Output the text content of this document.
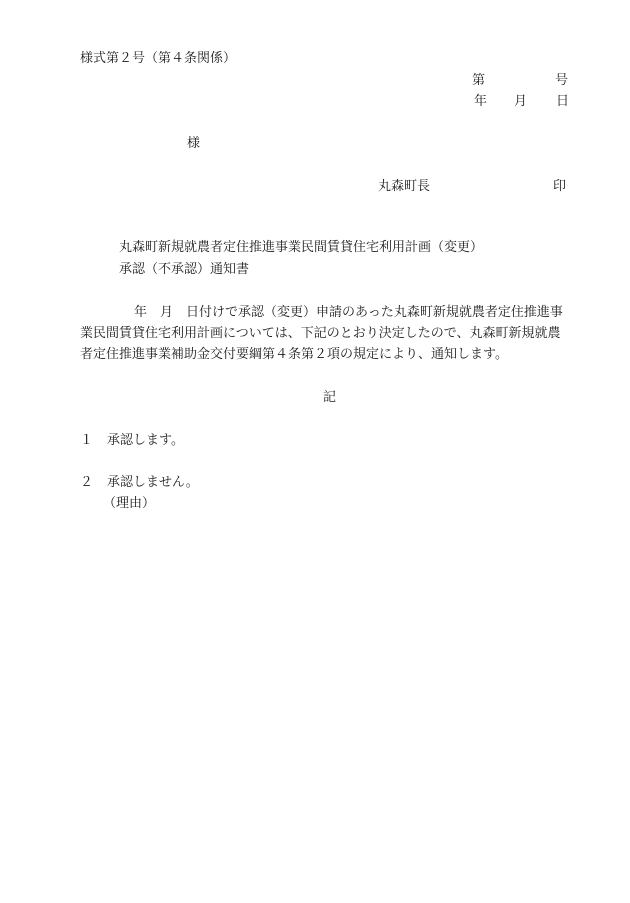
様式第２号（第４条関係）
第	号
年 月 日
様
丸森町長	印
丸森町新規就農者定住推進事業民間賃貸住宅利用計画（変更）
承認（不承認）通知書
年　月　日付けで承認（変更）申請のあった丸森町新規就農者定住推進事
業民間賃貸住宅利用計画については、下記のとおり決定したので、丸森町新規就農
者定住推進事業補助金交付要綱第４条第２項の規定により、通知します。
記
１ 承認します。
２ 承認しません。
（理由）
